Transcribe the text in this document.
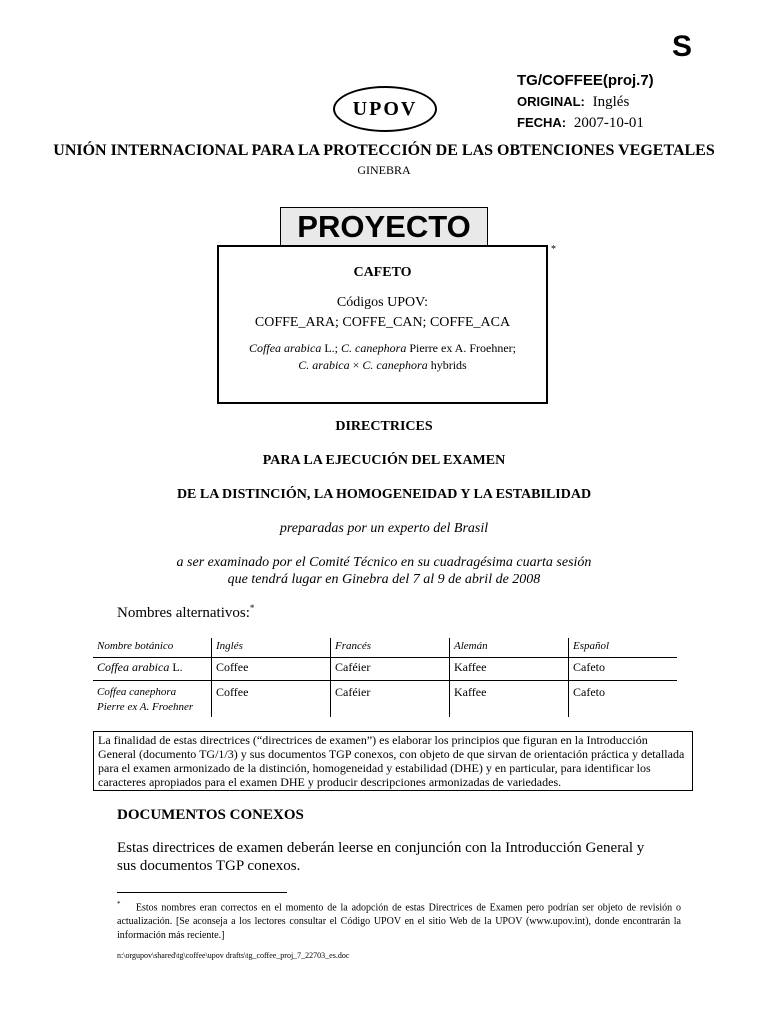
S
UPOV
TG/COFFEE(proj.7)
ORIGINAL: Inglés
FECHA: 2007-10-01
UNIÓN INTERNACIONAL PARA LA PROTECCIÓN DE LAS OBTENCIONES VEGETALES
GINEBRA
PROYECTO
*
CAFETO
Códigos UPOV:
COFFE_ARA; COFFE_CAN; COFFE_ACA
Coffea arabica L.; C. canephora Pierre ex A. Froehner;
C. arabica × C. canephora hybrids
DIRECTRICES
PARA LA EJECUCIÓN DEL EXAMEN
DE LA DISTINCIÓN, LA HOMOGENEIDAD Y LA ESTABILIDAD
preparadas por un experto del Brasil
a ser examinado por el Comité Técnico en su cuadragésima cuarta sesión
que tendrá lugar en Ginebra del 7 al 9 de abril de 2008
Nombres alternativos:*
Nombre botánico	Inglés	Francés	Alemán	Español
Coffea arabica L.	Coffee	Caféier	Kaffee	Cafeto
Coffea canephora
Pierre ex A. Froehner	Coffee	Caféier	Kaffee	Cafeto
La finalidad de estas directrices (“directrices de examen”) es elaborar los principios que figuran en la Introducción General (documento TG/1/3) y sus documentos TGP conexos, con objeto de que sirvan de orientación práctica y detallada para el examen armonizado de la distinción, homogeneidad y estabilidad (DHE) y en particular, para identificar los caracteres apropiados para el examen DHE y producir descripciones armonizadas de variedades.
DOCUMENTOS CONEXOS
Estas directrices de examen deberán leerse en conjunción con la Introducción General y sus documentos TGP conexos.
* Estos nombres eran correctos en el momento de la adopción de estas Directrices de Examen pero podrían ser objeto de revisión o actualización. [Se aconseja a los lectores consultar el Código UPOV en el sitio Web de la UPOV (www.upov.int), donde encontrarán la información más reciente.]
n:\orgupov\shared\tg\coffee\upov drafts\tg_coffee_proj_7_22703_es.doc
